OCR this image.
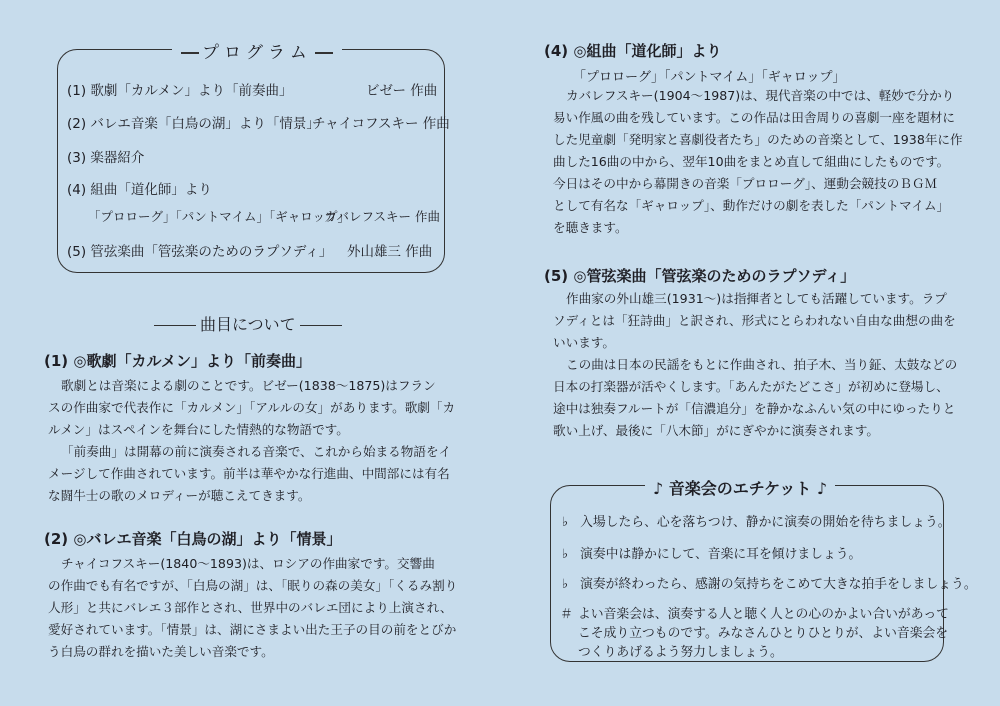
プログラム
(1) 歌劇「カルメン」より「前奏曲」	ビゼー 作曲
(2) バレエ音楽「白鳥の湖」より「情景」
チャイコフスキー 作曲
(3) 楽器紹介
(4) 組曲「道化師」より
「プロローグ」「パントマイム」「ギャロップ」
カバレフスキー 作曲
(5) 管弦楽曲「管弦楽のためのラプソディ」 外山雄三 作曲
曲目について
(1) ◎歌劇「カルメン」より「前奏曲」

歌劇とは音楽による劇のことです。ビゼー(1838～1875)はフラン

スの作曲家で代表作に「カルメン」「アルルの女」があります。歌劇「カ

ルメン」はスペインを舞台にした情熱的な物語です。

「前奏曲」は開幕の前に演奏される音楽で、これから始まる物語をイ

メージして作曲されています。前半は華やかな行進曲、中間部には有名

な闘牛士の歌のメロディーが聴こえてきます。

(2) ◎バレエ音楽「白鳥の湖」より「情景」

チャイコフスキー(1840～1893)は、ロシアの作曲家です。交響曲

の作曲でも有名ですが、「白鳥の湖」は、「眠りの森の美女」「くるみ割り

人形」と共にバレエ３部作とされ、世界中のバレエ団により上演され、

愛好されています。「情景」は、湖にさまよい出た王子の目の前をとびか

う白鳥の群れを描いた美しい音楽です。

(4) ◎組曲「道化師」より
「プロローグ」「パントマイム」「ギャロップ」

カバレフスキー(1904～1987)は、現代音楽の中では、軽妙で分かり

易い作風の曲を残しています。この作品は田舎周りの喜劇一座を題材に

した児童劇「発明家と喜劇役者たち」のための音楽として、1938年に作

曲した16曲の中から、翌年10曲をまとめ直して組曲にしたものです。

今日はその中から幕開きの音楽「プロローグ」、運動会競技のＢＧＭ

として有名な「ギャロップ」、動作だけの劇を表した「パントマイム」

を聴きます。

(5) ◎管弦楽曲「管弦楽のためのラプソディ」

作曲家の外山雄三(1931～)は指揮者としても活躍しています。ラプ

ソディとは「狂詩曲」と訳され、形式にとらわれない自由な曲想の曲を

いいます。

この曲は日本の民謡をもとに作曲され、拍子木、当り鉦、太鼓などの

日本の打楽器が活やくします。「あんたがたどこさ」が初めに登場し、

途中は独奏フルートが「信濃追分」を静かなふんい気の中にゆったりと

歌い上げ、最後に「八木節」がにぎやかに演奏されます。

♪ 音楽会のエチケット ♪
♭ 入場したら、心を落ちつけ、静かに演奏の開始を待ちましょう。
♭ 演奏中は静かにして、音楽に耳を傾けましょう。
♭ 演奏が終わったら、感謝の気持ちをこめて大きな拍手をしましょう。
＃ よい音楽会は、演奏する人と聴く人との心のかよい合いがあって
こそ成り立つものです。みなさんひとりひとりが、よい音楽会を
つくりあげるよう努力しましょう。
